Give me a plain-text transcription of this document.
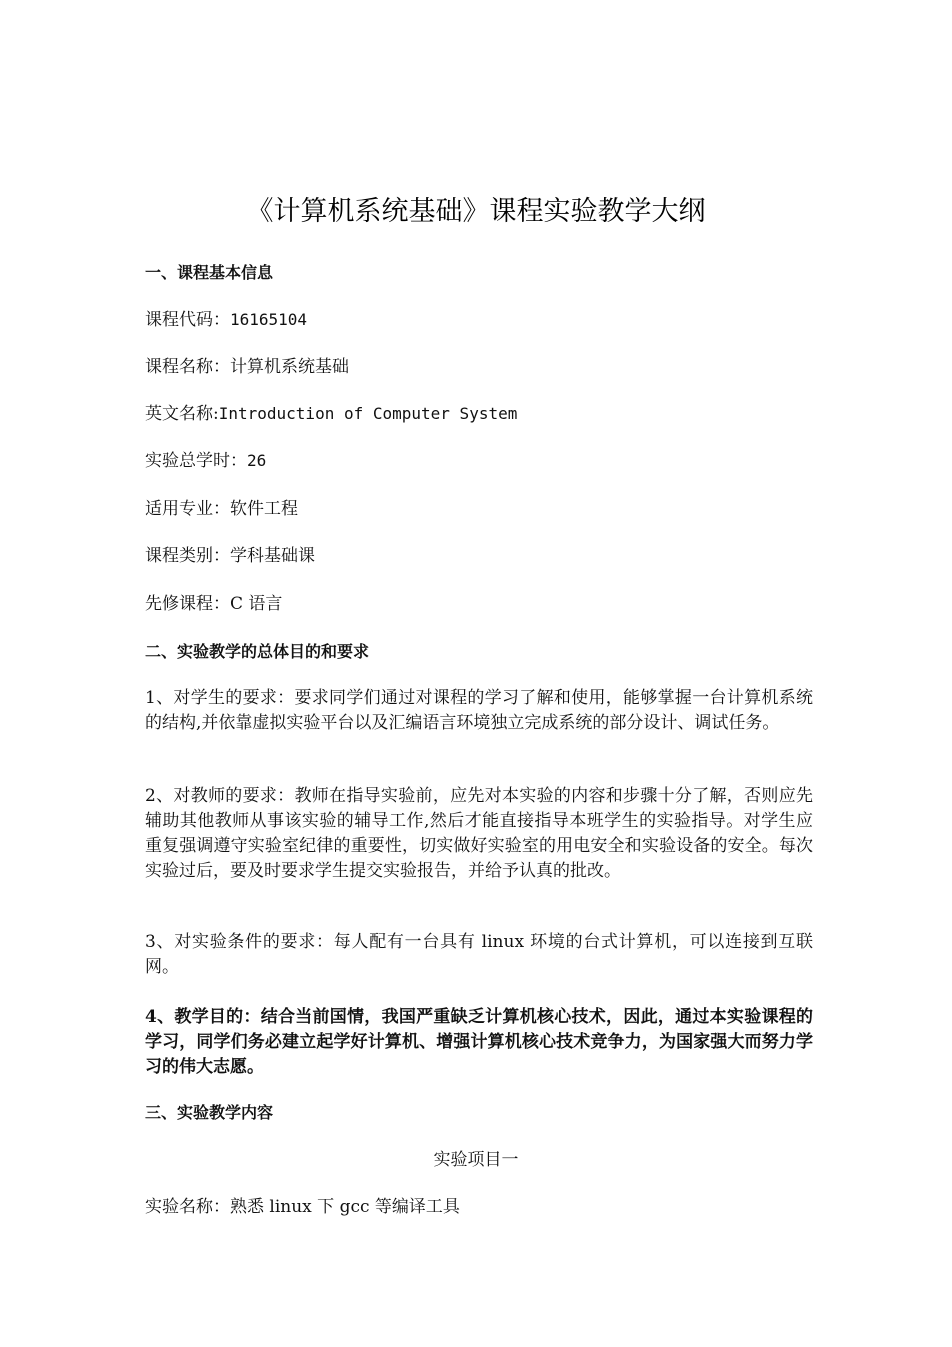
《计算机系统基础》课程实验教学大纲
一、课程基本信息
课程代码：16165104
课程名称：计算机系统基础
英文名称:Introduction of Computer System
实验总学时：26
适用专业：软件工程
课程类别：学科基础课
先修课程：C 语言
二、实验教学的总体目的和要求
1、对学生的要求：要求同学们通过对课程的学习了解和使用，能够掌握一台计算机系统的结构,并依靠虚拟实验平台以及汇编语言环境独立完成系统的部分设计、调试任务。
2、对教师的要求：教师在指导实验前，应先对本实验的内容和步骤十分了解，否则应先辅助其他教师从事该实验的辅导工作,然后才能直接指导本班学生的实验指导。对学生应重复强调遵守实验室纪律的重要性，切实做好实验室的用电安全和实验设备的安全。每次实验过后，要及时要求学生提交实验报告，并给予认真的批改。
3、对实验条件的要求：每人配有一台具有 linux 环境的台式计算机，可以连接到互联网。
4、教学目的：结合当前国情，我国严重缺乏计算机核心技术，因此，通过本实验课程的学习，同学们务必建立起学好计算机、增强计算机核心技术竞争力，为国家强大而努力学习的伟大志愿。
三、实验教学内容
实验项目一
实验名称：熟悉 linux 下 gcc 等编译工具
